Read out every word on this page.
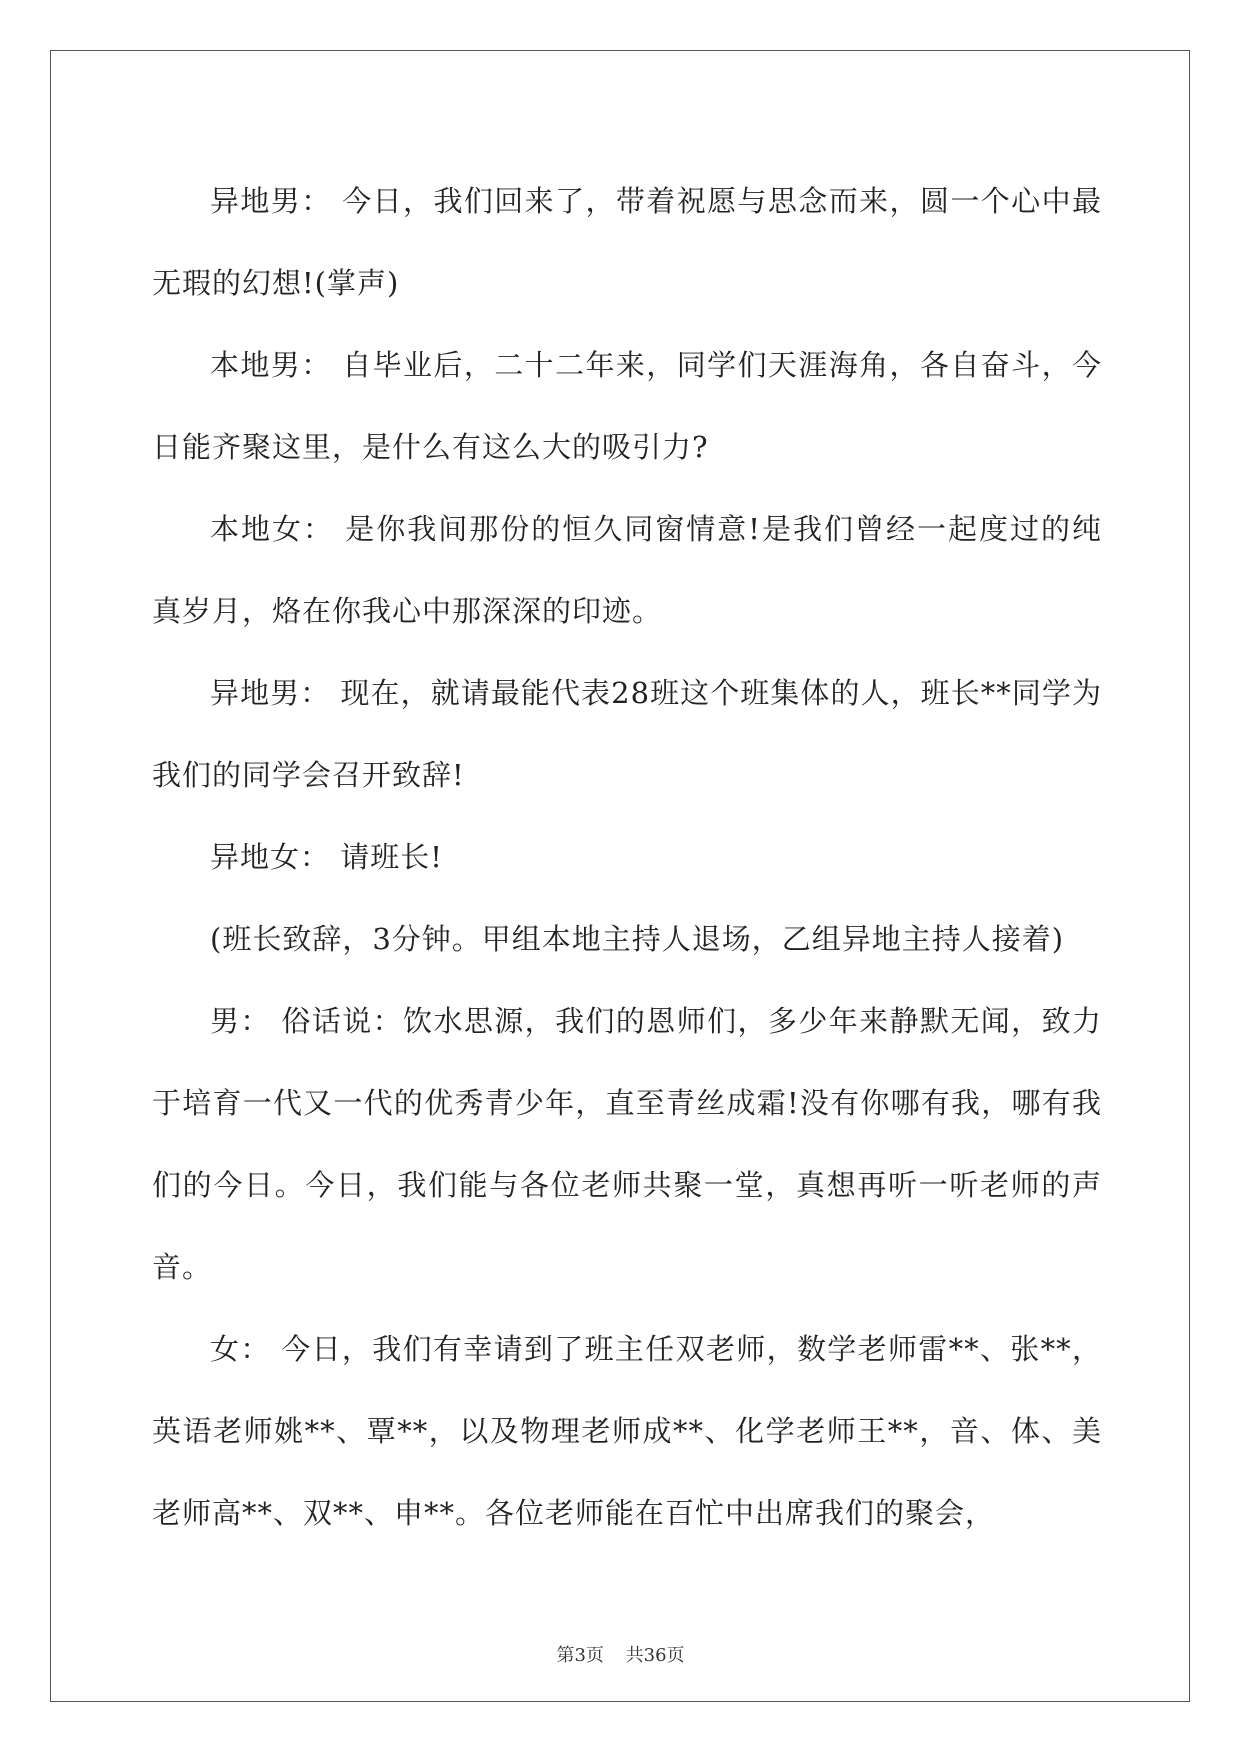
异地男： 今日，我们回来了，带着祝愿与思念而来，圆一个心中最无瑕的幻想!(掌声)

本地男： 自毕业后，二十二年来，同学们天涯海角，各自奋斗，今日能齐聚这里，是什么有这么大的吸引力?

本地女： 是你我间那份的恒久同窗情意!是我们曾经一起度过的纯真岁月，烙在你我心中那深深的印迹。

异地男： 现在，就请最能代表28班这个班集体的人，班长**同学为我们的同学会召开致辞!

异地女： 请班长!

(班长致辞，3分钟。甲组本地主持人退场，乙组异地主持人接着)

男： 俗话说：饮水思源，我们的恩师们，多少年来静默无闻，致力于培育一代又一代的优秀青少年，直至青丝成霜!没有你哪有我，哪有我们的今日。今日，我们能与各位老师共聚一堂，真想再听一听老师的声音。

女： 今日，我们有幸请到了班主任双老师，数学老师雷**、张**，英语老师姚**、覃**，以及物理老师成**、化学老师王**，音、体、美老师高**、双**、申**。各位老师能在百忙中出席我们的聚会，

第3页 共36页
